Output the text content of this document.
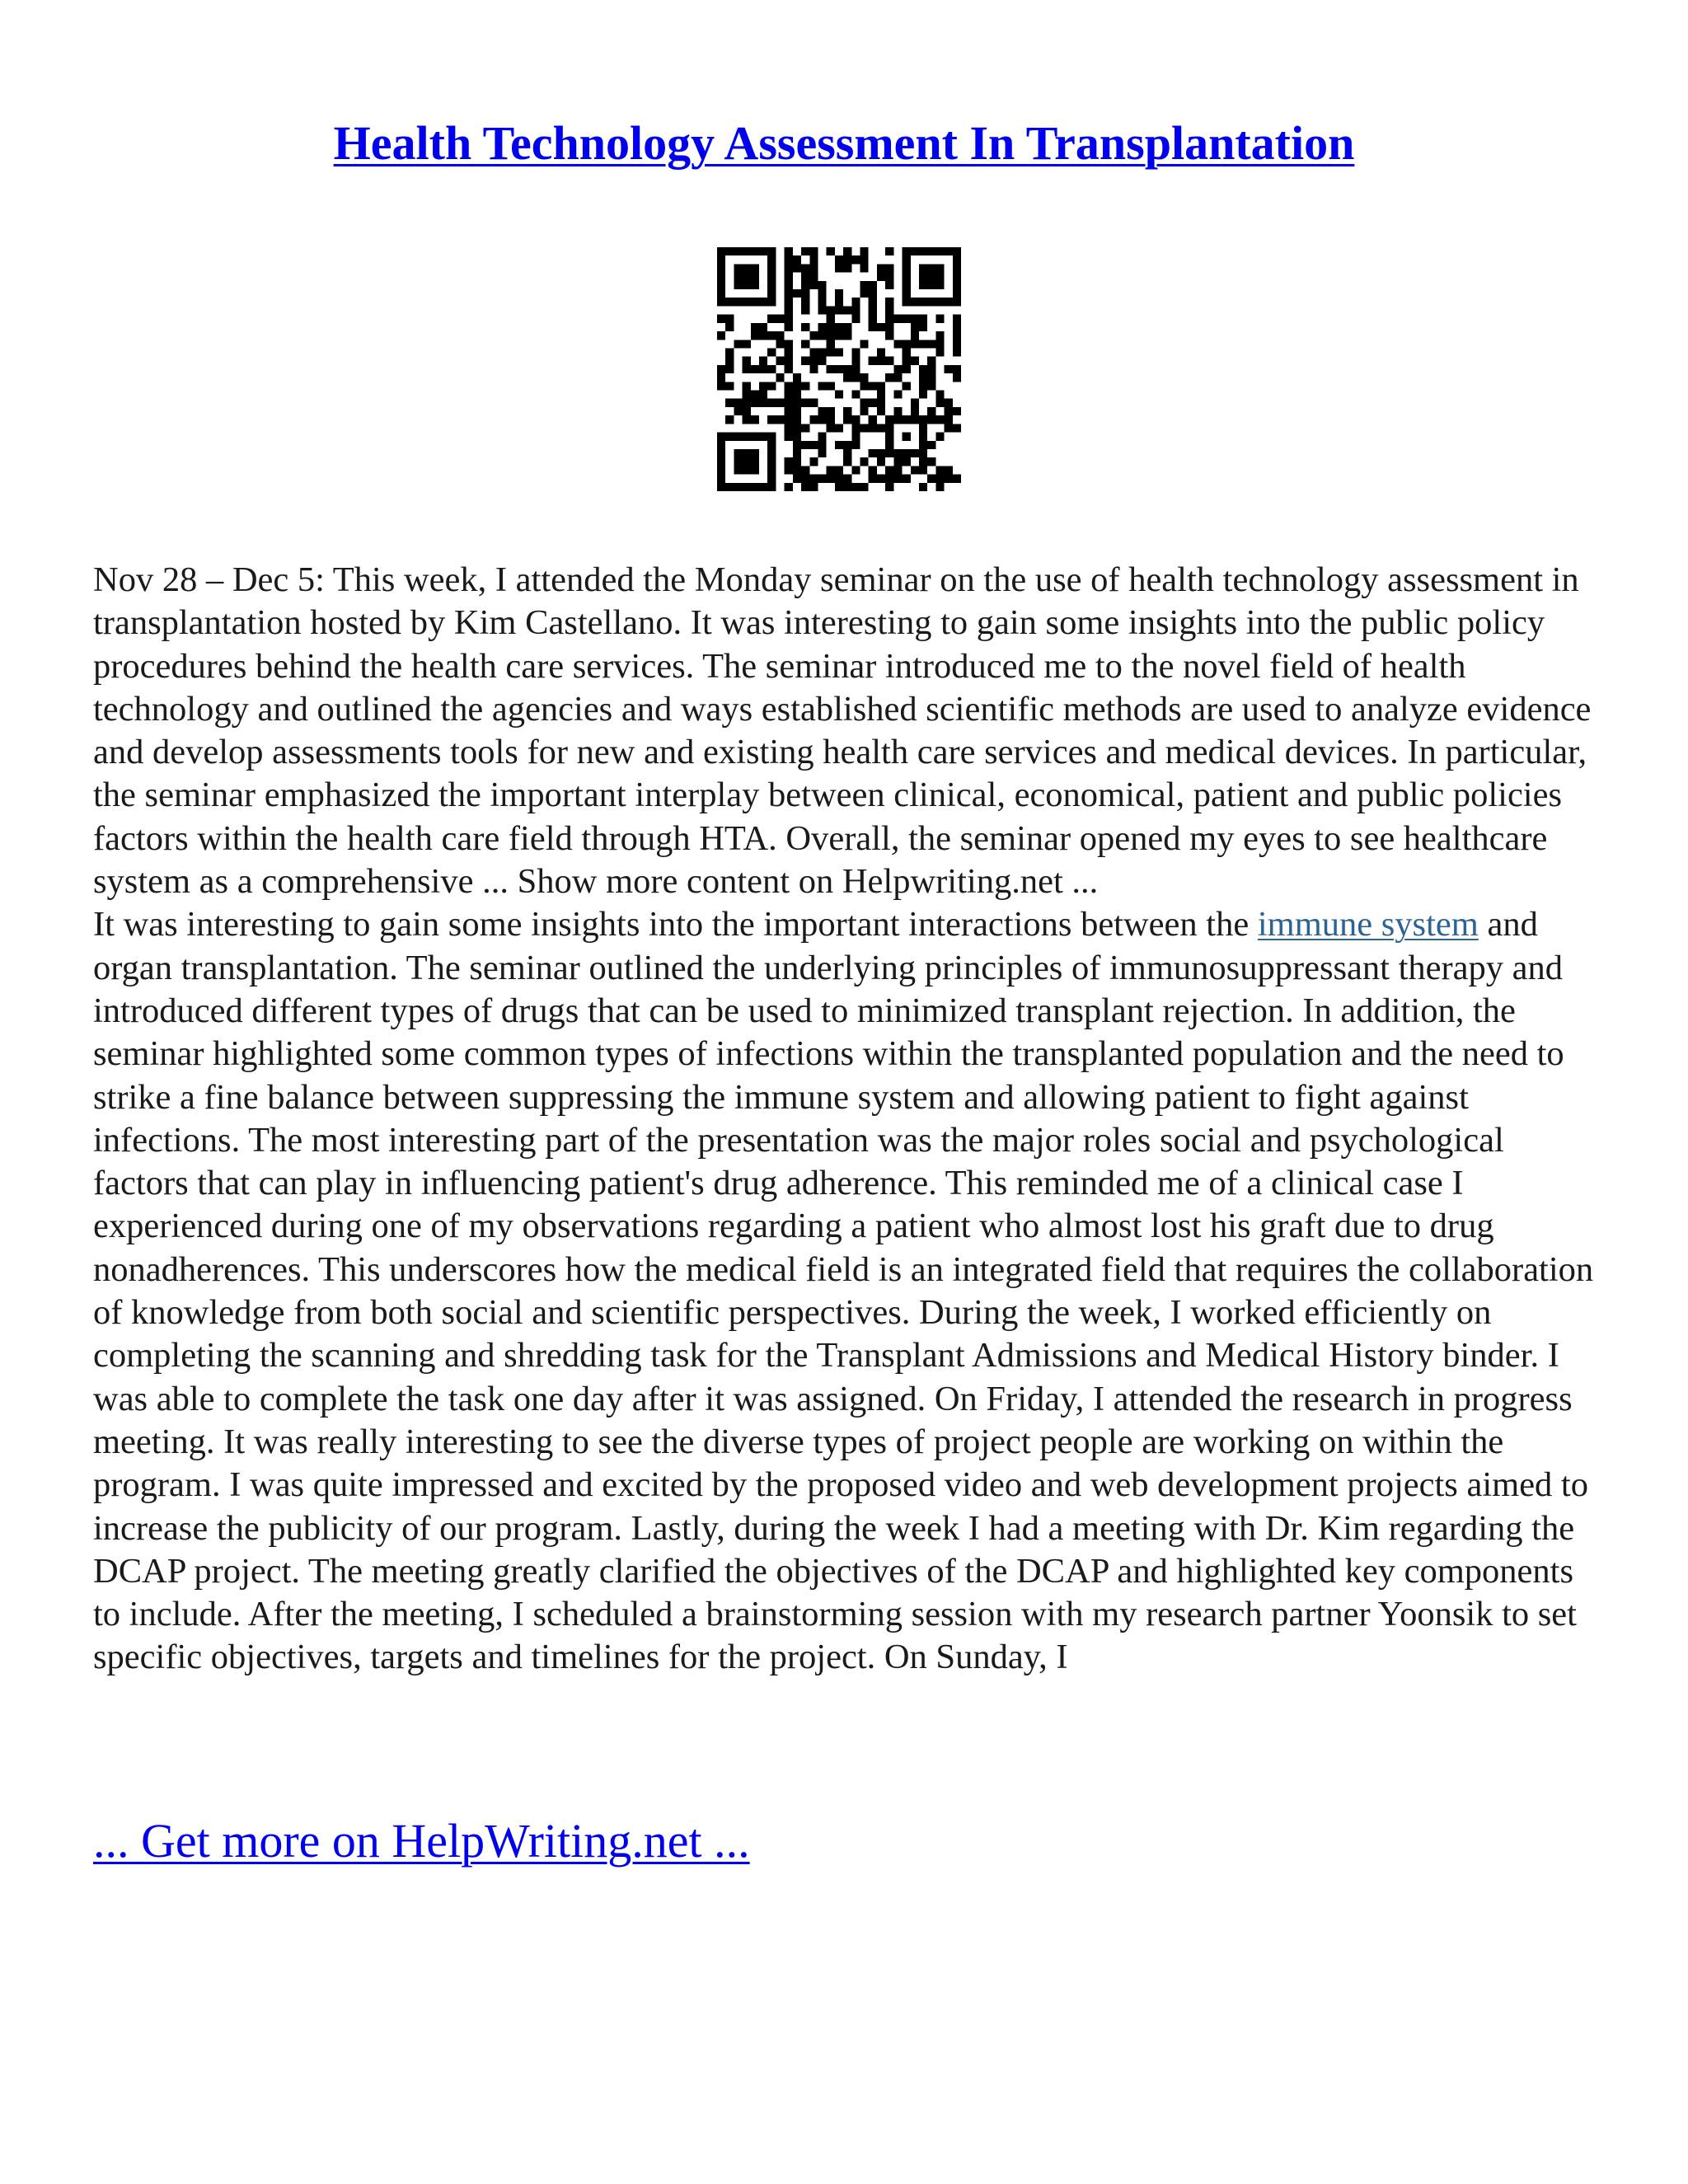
Health Technology Assessment In Transplantation

Nov 28 – Dec 5: This week, I attended the Monday seminar on the use of health technology assessment in transplantation hosted by Kim Castellano. It was interesting to gain some insights into the public policy procedures behind the health care services. The seminar introduced me to the novel field of health technology and outlined the agencies and ways established scientific methods are used to analyze evidence and develop assessments tools for new and existing health care services and medical devices. In particular, the seminar emphasized the important interplay between clinical, economical, patient and public policies factors within the health care field through HTA. Overall, the seminar opened my eyes to see healthcare system as a comprehensive ... Show more content on Helpwriting.net ...

It was interesting to gain some insights into the important interactions between the immune system and organ transplantation. The seminar outlined the underlying principles of immunosuppressant therapy and introduced different types of drugs that can be used to minimized transplant rejection. In addition, the seminar highlighted some common types of infections within the transplanted population and the need to strike a fine balance between suppressing the immune system and allowing patient to fight against infections. The most interesting part of the presentation was the major roles social and psychological factors that can play in influencing patient's drug adherence. This reminded me of a clinical case I experienced during one of my observations regarding a patient who almost lost his graft due to drug nonadherences. This underscores how the medical field is an integrated field that requires the collaboration of knowledge from both social and scientific perspectives. During the week, I worked efficiently on completing the scanning and shredding task for the Transplant Admissions and Medical History binder. I was able to complete the task one day after it was assigned. On Friday, I attended the research in progress meeting. It was really interesting to see the diverse types of project people are working on within the program. I was quite impressed and excited by the proposed video and web development projects aimed to increase the publicity of our program. Lastly, during the week I had a meeting with Dr. Kim regarding the DCAP project. The meeting greatly clarified the objectives of the DCAP and highlighted key components to include. After the meeting, I scheduled a brainstorming session with my research partner Yoonsik to set specific objectives, targets and timelines for the project. On Sunday, I

... Get more on HelpWriting.net ...
